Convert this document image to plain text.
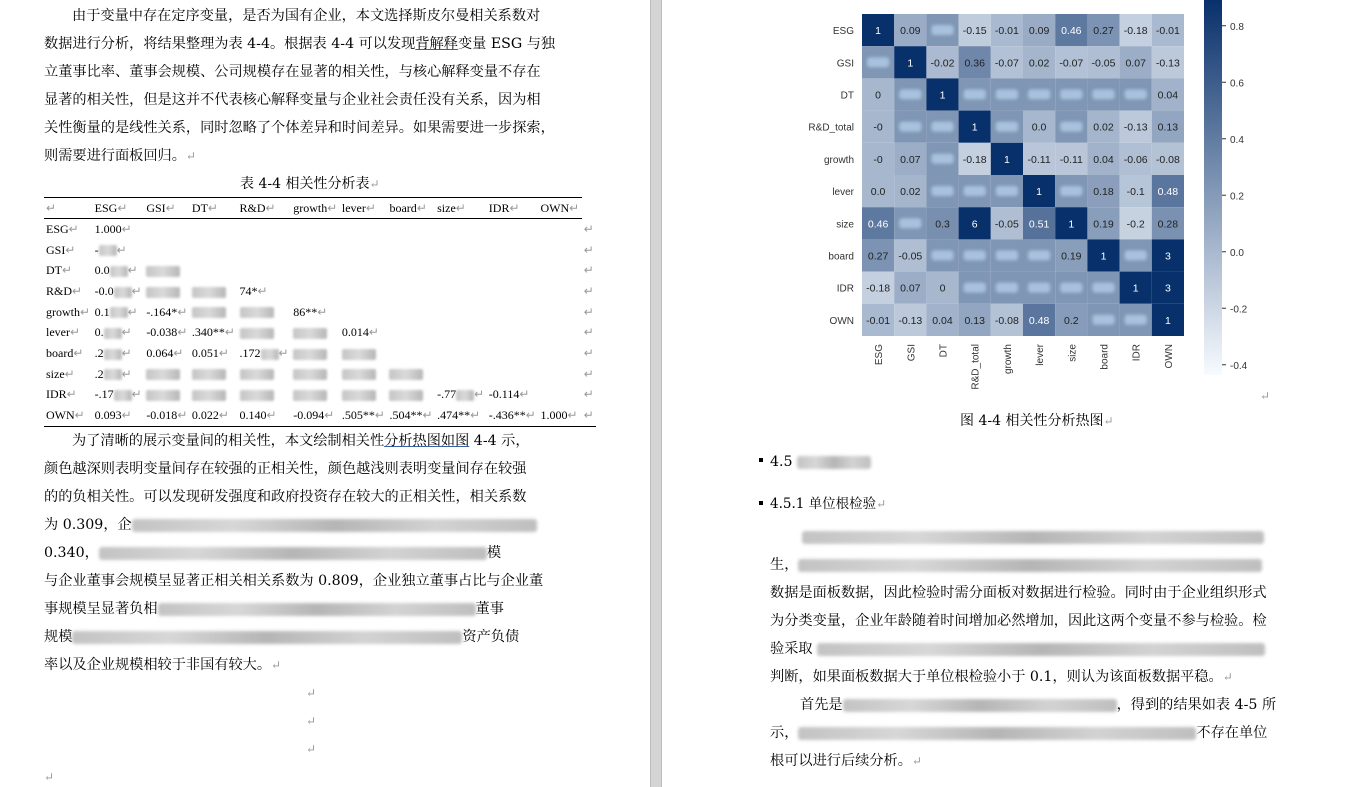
由于变量中存在定序变量，是否为国有企业，本文选择斯皮尔曼相关系数对
数据进行分析，将结果整理为表 4-4。根据表 4-4 可以发现背解释变量 ESG 与独
立董事比率、董事会规模、公司规模存在显著的相关性，与核心解释变量不存在
显著的相关性，但是这并不代表核心解释变量与企业社会责任没有关系，因为相
关性衡量的是线性关系，同时忽略了个体差异和时间差异。如果需要进一步探索，
则需要进行面板回归。↵
表 4-4 相关性分析表↵
↵	ESG↵	GSI↵	DT↵	R&D↵	growth↵	lever↵	board↵	size↵	IDR↵	OWN↵	
ESG↵	1.000↵										↵
GSI↵	- ↵										↵
DT↵	0.0 ↵										↵
R&D↵	-0.0 ↵			74*↵							↵
growth↵	0.1 ↵	-.164*↵			86**↵						↵
lever↵	0. ↵	-0.038↵	.340**↵			0.014↵					↵
board↵	.2 ↵	0.064↵	0.051↵	.172 ↵							↵
size↵	.2 ↵										↵
IDR↵	-.17 ↵							-.77 ↵	-0.114↵		↵
OWN↵	0.093↵	-0.018↵	0.022↵	0.140↵	-0.094↵	.505**↵	.504**↵	.474**↵	-.436**↵	1.000↵	↵
为了清晰的展示变量间的相关性，本文绘制相关性分析热图如图 4-4 示，
颜色越深则表明变量间存在较强的正相关性，颜色越浅则表明变量间存在较强
的的负相关性。可以发现研发强度和政府投资存在较大的正相关性，相关系数
为 0.309，企
0.340，	模
与企业董事会规模呈显著正相关相关系数为 0.809，企业独立董事占比与企业董
事规模呈显著负相	董事
规模	资产负债
率以及企业规模相较于非国有较大。↵
↵
↵
↵
↵
1 0.09	-0.15 -0.01 0.09 0.46 0.27 -0.18 -0.01
ESG
ESG
1 -0.02 0.36 -0.07 0.02 -0.07 -0.05 0.07 -0.13
GSI
GSI
0	1	0.04
DT
DT
-0	1	0.0	0.02 -0.13 0.13
R&D_total
R&D_total
-0 0.07	-0.18 1 -0.11 -0.11 0.04 -0.06 -0.08
growth
growth
0.0 0.02	1	0.18 -0.1 0.48
lever
lever
0.46	0.3 6 -0.05 0.51 1 0.19 -0.2 0.28
size
size
0.27 -0.05	0.19 1	3
board
board
-0.18 0.07 0	1	3
IDR
IDR
-0.01 -0.13 0.04 0.13 -0.08 0.48 0.2	1
OWN
OWN
0.8
0.6
0.4
0.2
0.0
-0.2
-0.4
↵
图 4-4 相关性分析热图↵
4.5
4.5.1 单位根检验↵
生，
数据是面板数据，因此检验时需分面板对数据进行检验。同时由于企业组织形式
为分类变量，企业年龄随着时间增加必然增加，因此这两个变量不参与检验。检
验采取
判断，如果面板数据大于单位根检验小于 0.1，则认为该面板数据平稳。↵
首先是	，得到的结果如表 4-5 所
示，	不存在单位
根可以进行后续分析。↵
